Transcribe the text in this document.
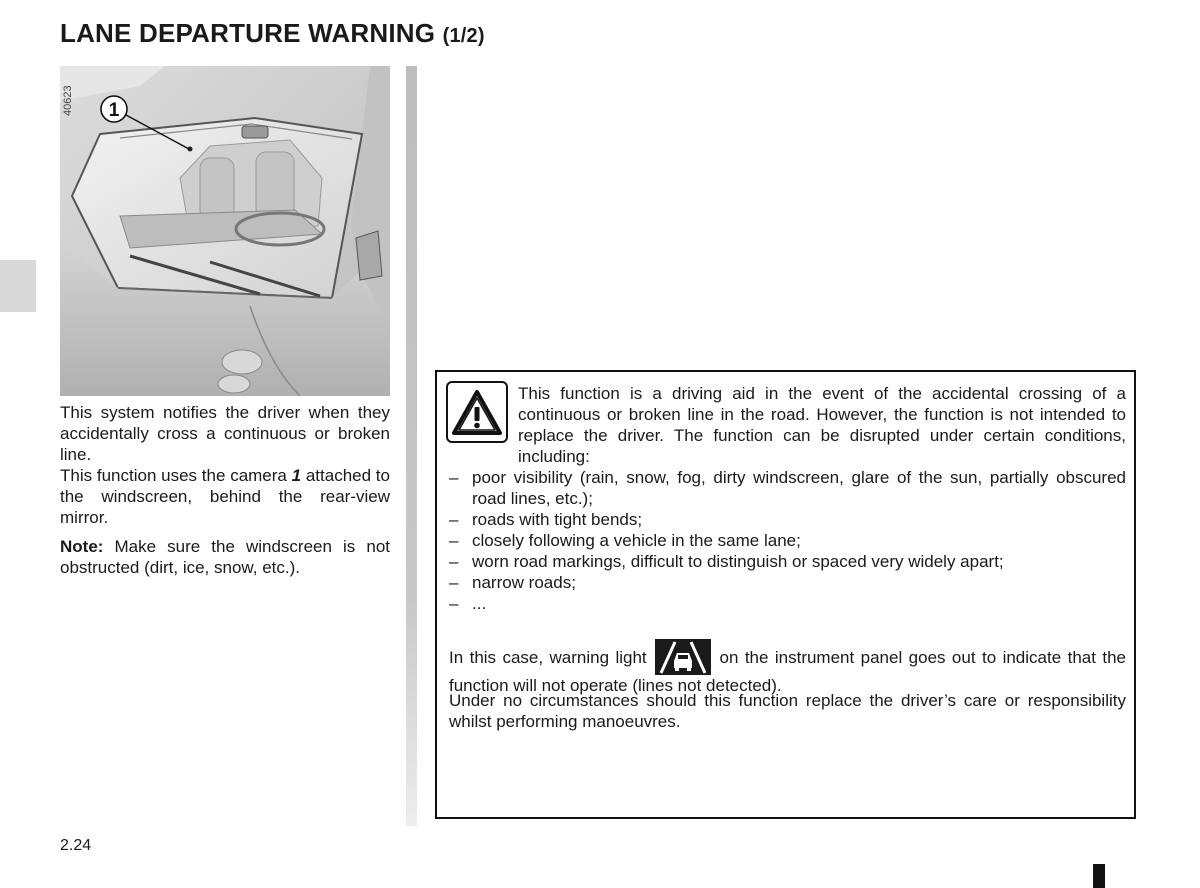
LANE DEPARTURE WARNING (1/2)
1
40623

This system notifies the driver when they accidentally cross a continuous or broken line.

This function uses the camera 1 attached to the windscreen, behind the rear-view mirror.

Note: Make sure the windscreen is not obstructed (dirt, ice, snow, etc.).

This function is a driving aid in the event of the accidental crossing of a continuous or broken line in the road. However, the function is not intended to replace the driver. The function can be disrupted under certain conditions, including:

– poor visibility (rain, snow, fog, dirty windscreen, glare of the sun, partially obscured road lines, etc.);
– roads with tight bends;
– closely following a vehicle in the same lane;
– worn road markings, difficult to distinguish or spaced very widely apart;
– narrow roads;
– ...

In this case, warning light	on the instrument panel goes out to indicate that the function will not operate (lines not detected).

Under no circumstances should this function replace the driver’s care or responsibility whilst performing manoeuvres.

2.24
